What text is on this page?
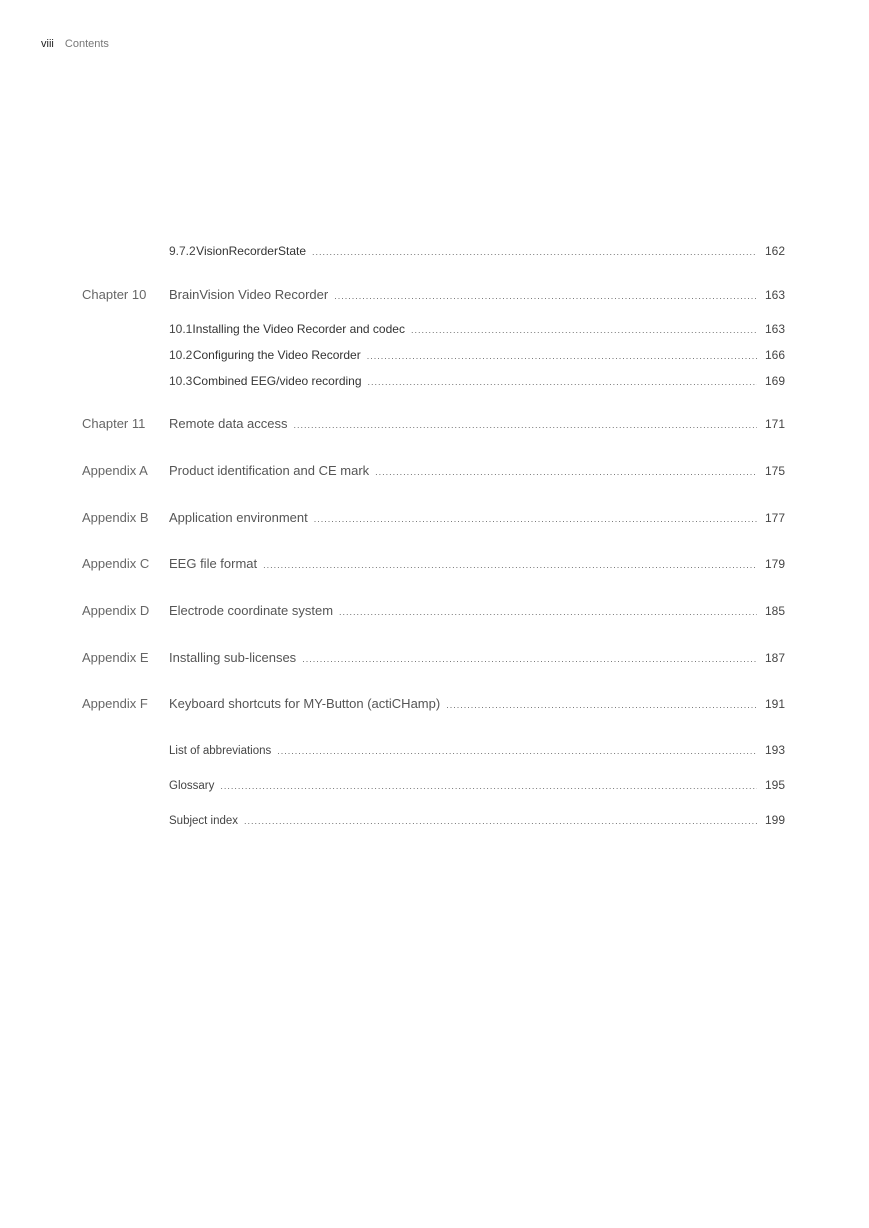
viii Contents
9.7.2 VisionRecorderState .....	162
Chapter 10 BrainVision Video Recorder .....	163
10.1 Installing the Video Recorder and codec .....	163
10.2 Configuring the Video Recorder .....	166
10.3 Combined EEG/video recording .....	169
Chapter 11 Remote data access .....	171
Appendix A Product identification and CE mark .....	175
Appendix B Application environment .....	177
Appendix C EEG file format .....	179
Appendix D Electrode coordinate system .....	185
Appendix E Installing sub-licenses .....	187
Appendix F Keyboard shortcuts for MY-Button (actiCHamp) .....	191
List of abbreviations .....	193
Glossary .....	195
Subject index .....	199
